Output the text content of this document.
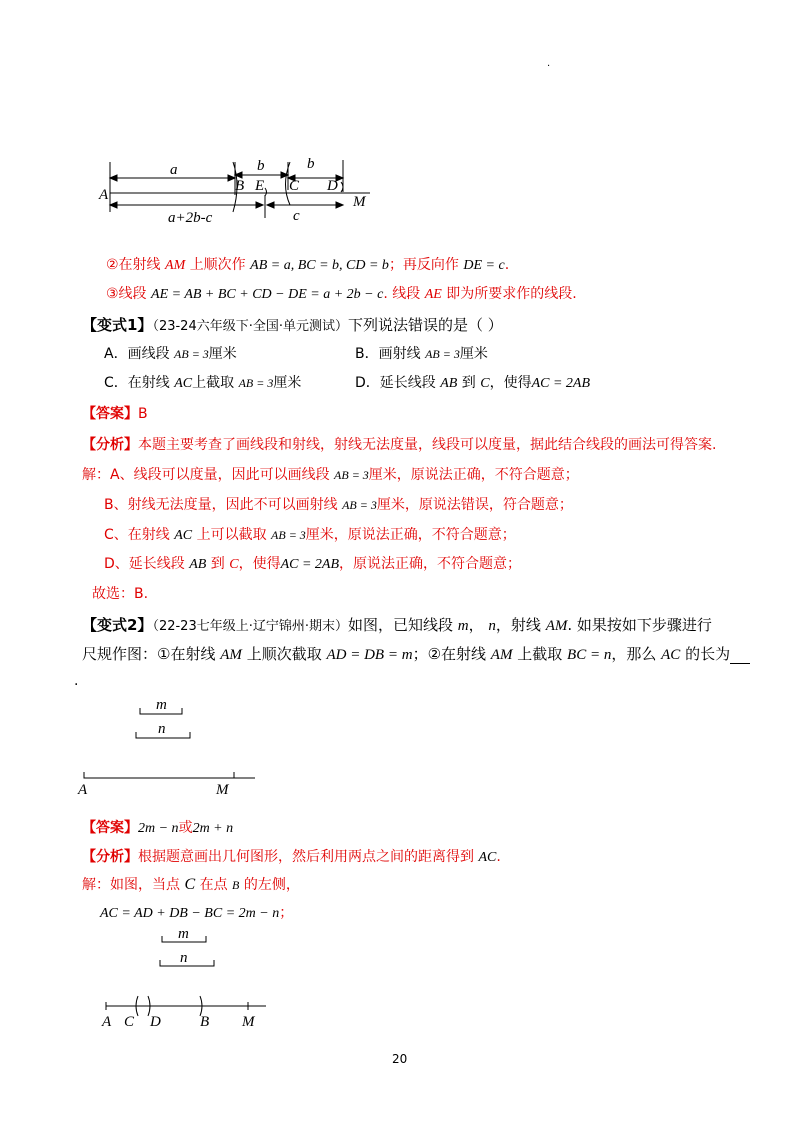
.
A
a
B E C D
b	b
a+2b-c	c
M
②在射线 AM 上顺次作 AB = a, BC = b, CD = b；再反向作 DE = c.
③线段 AE = AB + BC + CD − DE = a + 2b − c. 线段 AE 即为所要求作的线段.
【变式1】（23-24六年级下·全国·单元测试）下列说法错误的是（ ）
A．画线段 AB = 3厘米	B．画射线 AB = 3厘米
C．在射线 AC上截取 AB = 3厘米	D．延长线段 AB 到 C，使得AC = 2AB
【答案】B
【分析】本题主要考查了画线段和射线，射线无法度量，线段可以度量，据此结合线段的画法可得答案.
解：A、线段可以度量，因此可以画线段 AB = 3厘米，原说法正确，不符合题意；
B、射线无法度量，因此不可以画射线 AB = 3厘米，原说法错误，符合题意；
C、在射线 AC 上可以截取 AB = 3厘米，原说法正确，不符合题意；
D、延长线段 AB 到 C，使得AC = 2AB，原说法正确，不符合题意；
故选：B.
【变式2】（22-23七年级上·辽宁锦州·期末）如图，已知线段 m， n，射线 AM. 如果按如下步骤进行
尺规作图：①在射线 AM 上顺次截取 AD = DB = m；②在射线 AM 上截取 BC = n，那么 AC 的长为
.
m
n
A	M
【答案】2m − n或2m + n
【分析】根据题意画出几何图形，然后利用两点之间的距离得到 AC.
解：如图，当点 C 在点 B 的左侧，
AC = AD + DB − BC = 2m − n；
m
n
A C D	B M
20
